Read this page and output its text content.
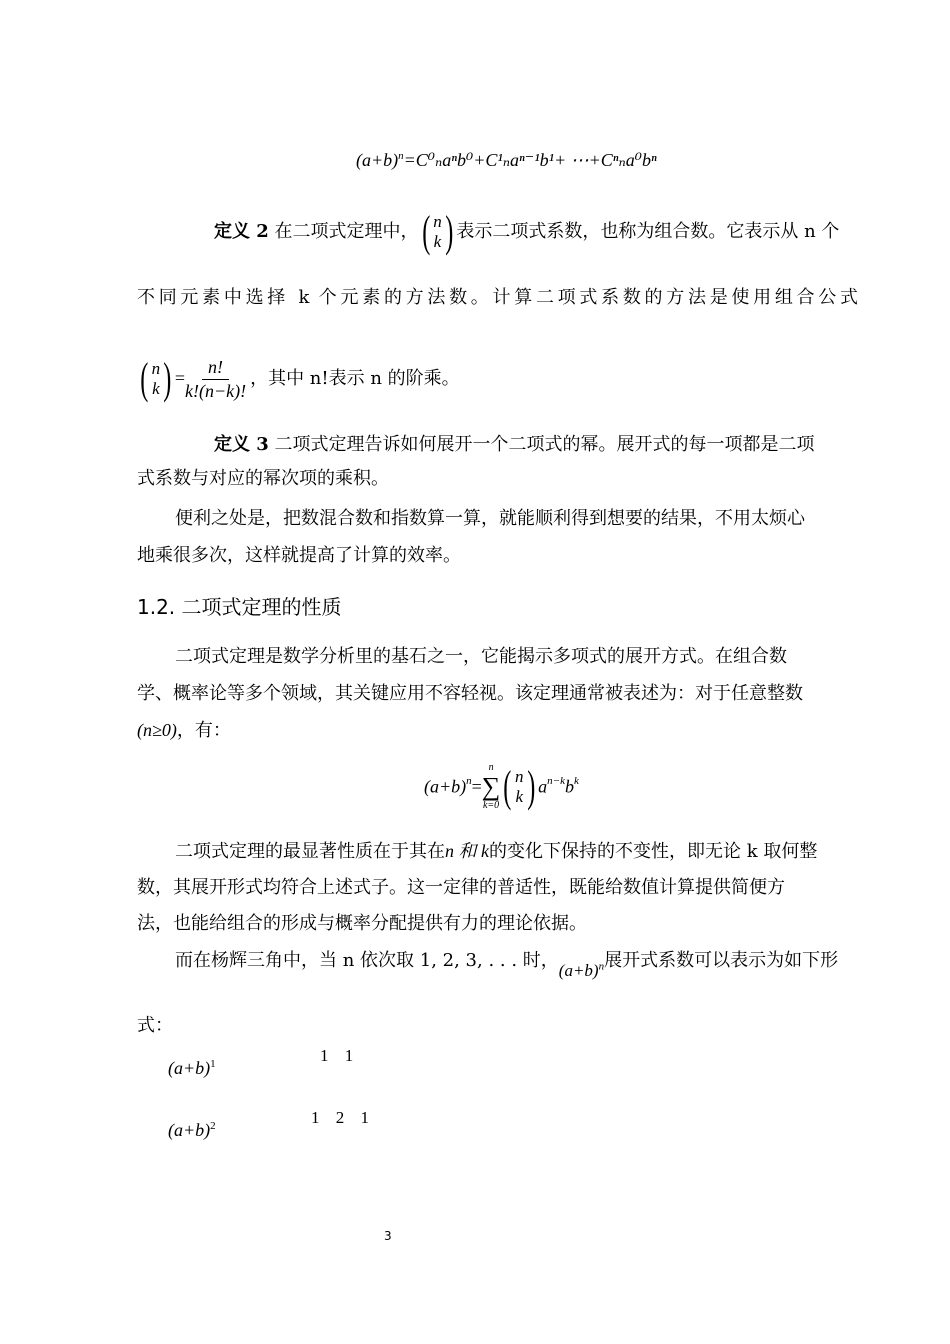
$(a+b)^n=C^0_na^nb^0+C^1_na^{n-1}b^1+$ ⋯+Cⁿₙa⁰bⁿ
定义 2 在二项式定理中， ( n
k ) 表示二项式系数，也称为组合数。它表示从 n 个
不同元素中选择 k 个元素的方法数。计算二项式系数的方法是使用组合公式
( n
k ) = $\frac{n!}{k!(n-k)!}$ ，其中 n!表示 n 的阶乘。
定义 3 二项式定理告诉如何展开一个二项式的幂。展开式的每一项都是二项
式系数与对应的幂次项的乘积。
便利之处是，把数混合数和指数算一算，就能顺利得到想要的结果，不用太烦心
地乘很多次，这样就提高了计算的效率。
1.2. 二项式定理的性质
二项式定理是数学分析里的基石之一，它能揭示多项式的展开方式。在组合数
学、概率论等多个领域，其关键应用不容轻视。该定理通常被表述为：对于任意整数
(n≥0)，有：
$(a+b)^n=$
n
∑
k=0 ( n
k ) $a^{n-k}b^k$
二项式定理的最显著性质在于其在n 和 k的变化下保持的不变性，即无论 k 取何整
数，其展开形式均符合上述式子。这一定律的普适性，既能给数值计算提供简便方
法，也能给组合的形成与概率分配提供有力的理论依据。
而在杨辉三角中，当 n 依次取 1, 2, 3, . . . 时，$(a+b)^n$展开式系数可以表示为如下形
式：
$(a+b)^1$	1 1
$(a+b)^2$	1 2 1
3
